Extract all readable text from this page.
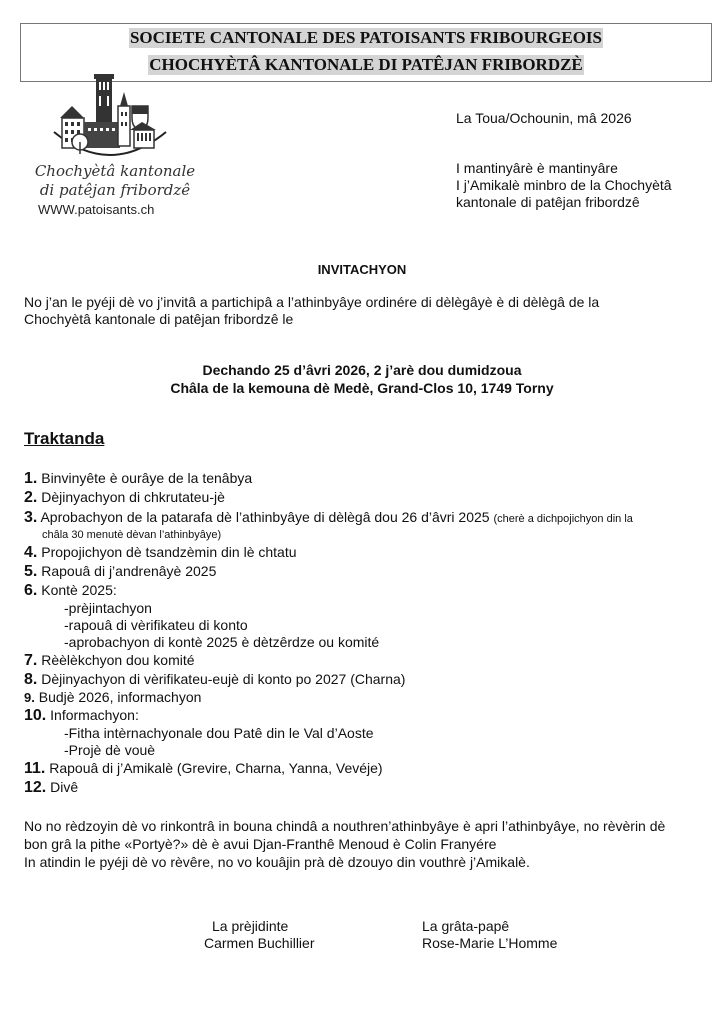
SOCIETE CANTONALE DES PATOISANTS FRIBOURGEOIS
CHOCHYÈTÂ KANTONALE DI PATÊJAN FRIBORDZÈ
Chochyètâ kantonale
di patêjan fribordzê
WWW.patoisants.ch
La Toua/Ochounin, mâ 2026
I mantinyârè è mantinyâre
I j’Amikalè minbro de la Chochyètâ
kantonale di patêjan fribordzê
INVITACHYON
No j’an le pyéji dè vo j’invitâ a partichipâ a l’athinbyâye ordinére di dèlègâyè è di dèlègâ de la
Chochyètâ kantonale di patêjan fribordzê le
Dechando 25 d’âvri 2026, 2 j’arè dou dumidzoua
Châla de la kemouna dè Medè, Grand-Clos 10, 1749 Torny
Traktanda
1. Binvinyête è ourâye de la tenâbya
2. Dèjinyachyon di chkrutateu-jè
3. Aprobachyon de la patarafa dè l’athinbyâye di dèlègâ dou 26 d’âvri 2025 (cherè a dichpojichyon din la
châla 30 menutè dèvan l’athinbyâye)
4. Propojichyon dè tsandzèmin din lè chtatu
5. Rapouâ di j’andrenâyè 2025
6. Kontè 2025:
-prèjintachyon
-rapouâ di vèrifikateu di konto
-aprobachyon di kontè 2025 è dètzêrdze ou komité
7. Rèèlèkchyon dou komité
8. Dèjinyachyon di vèrifikateu-eujè di konto po 2027 (Charna)
9. Budjè 2026, informachyon
10. Informachyon:
-Fitha intèrnachyonale dou Patê din le Val d’Aoste
-Projè dè vouè
11. Rapouâ di j’Amikalè (Grevire, Charna, Yanna, Vevéje)
12. Divê
No no rèdzoyin dè vo rinkontrâ in bouna chindâ a nouthren’athinbyâye è apri l’athinbyâye, no rèvèrin dè
bon grâ la pithe «Portyè?» dè è avui Djan-Franthê Menoud è Colin Franyére
In atindin le pyéji dè vo rèvêre, no vo kouâjin prà dè dzouyo din vouthrè j’Amikalè.
La prèjidinte
Carmen Buchillier
La grâta-papê
Rose-Marie L’Homme
